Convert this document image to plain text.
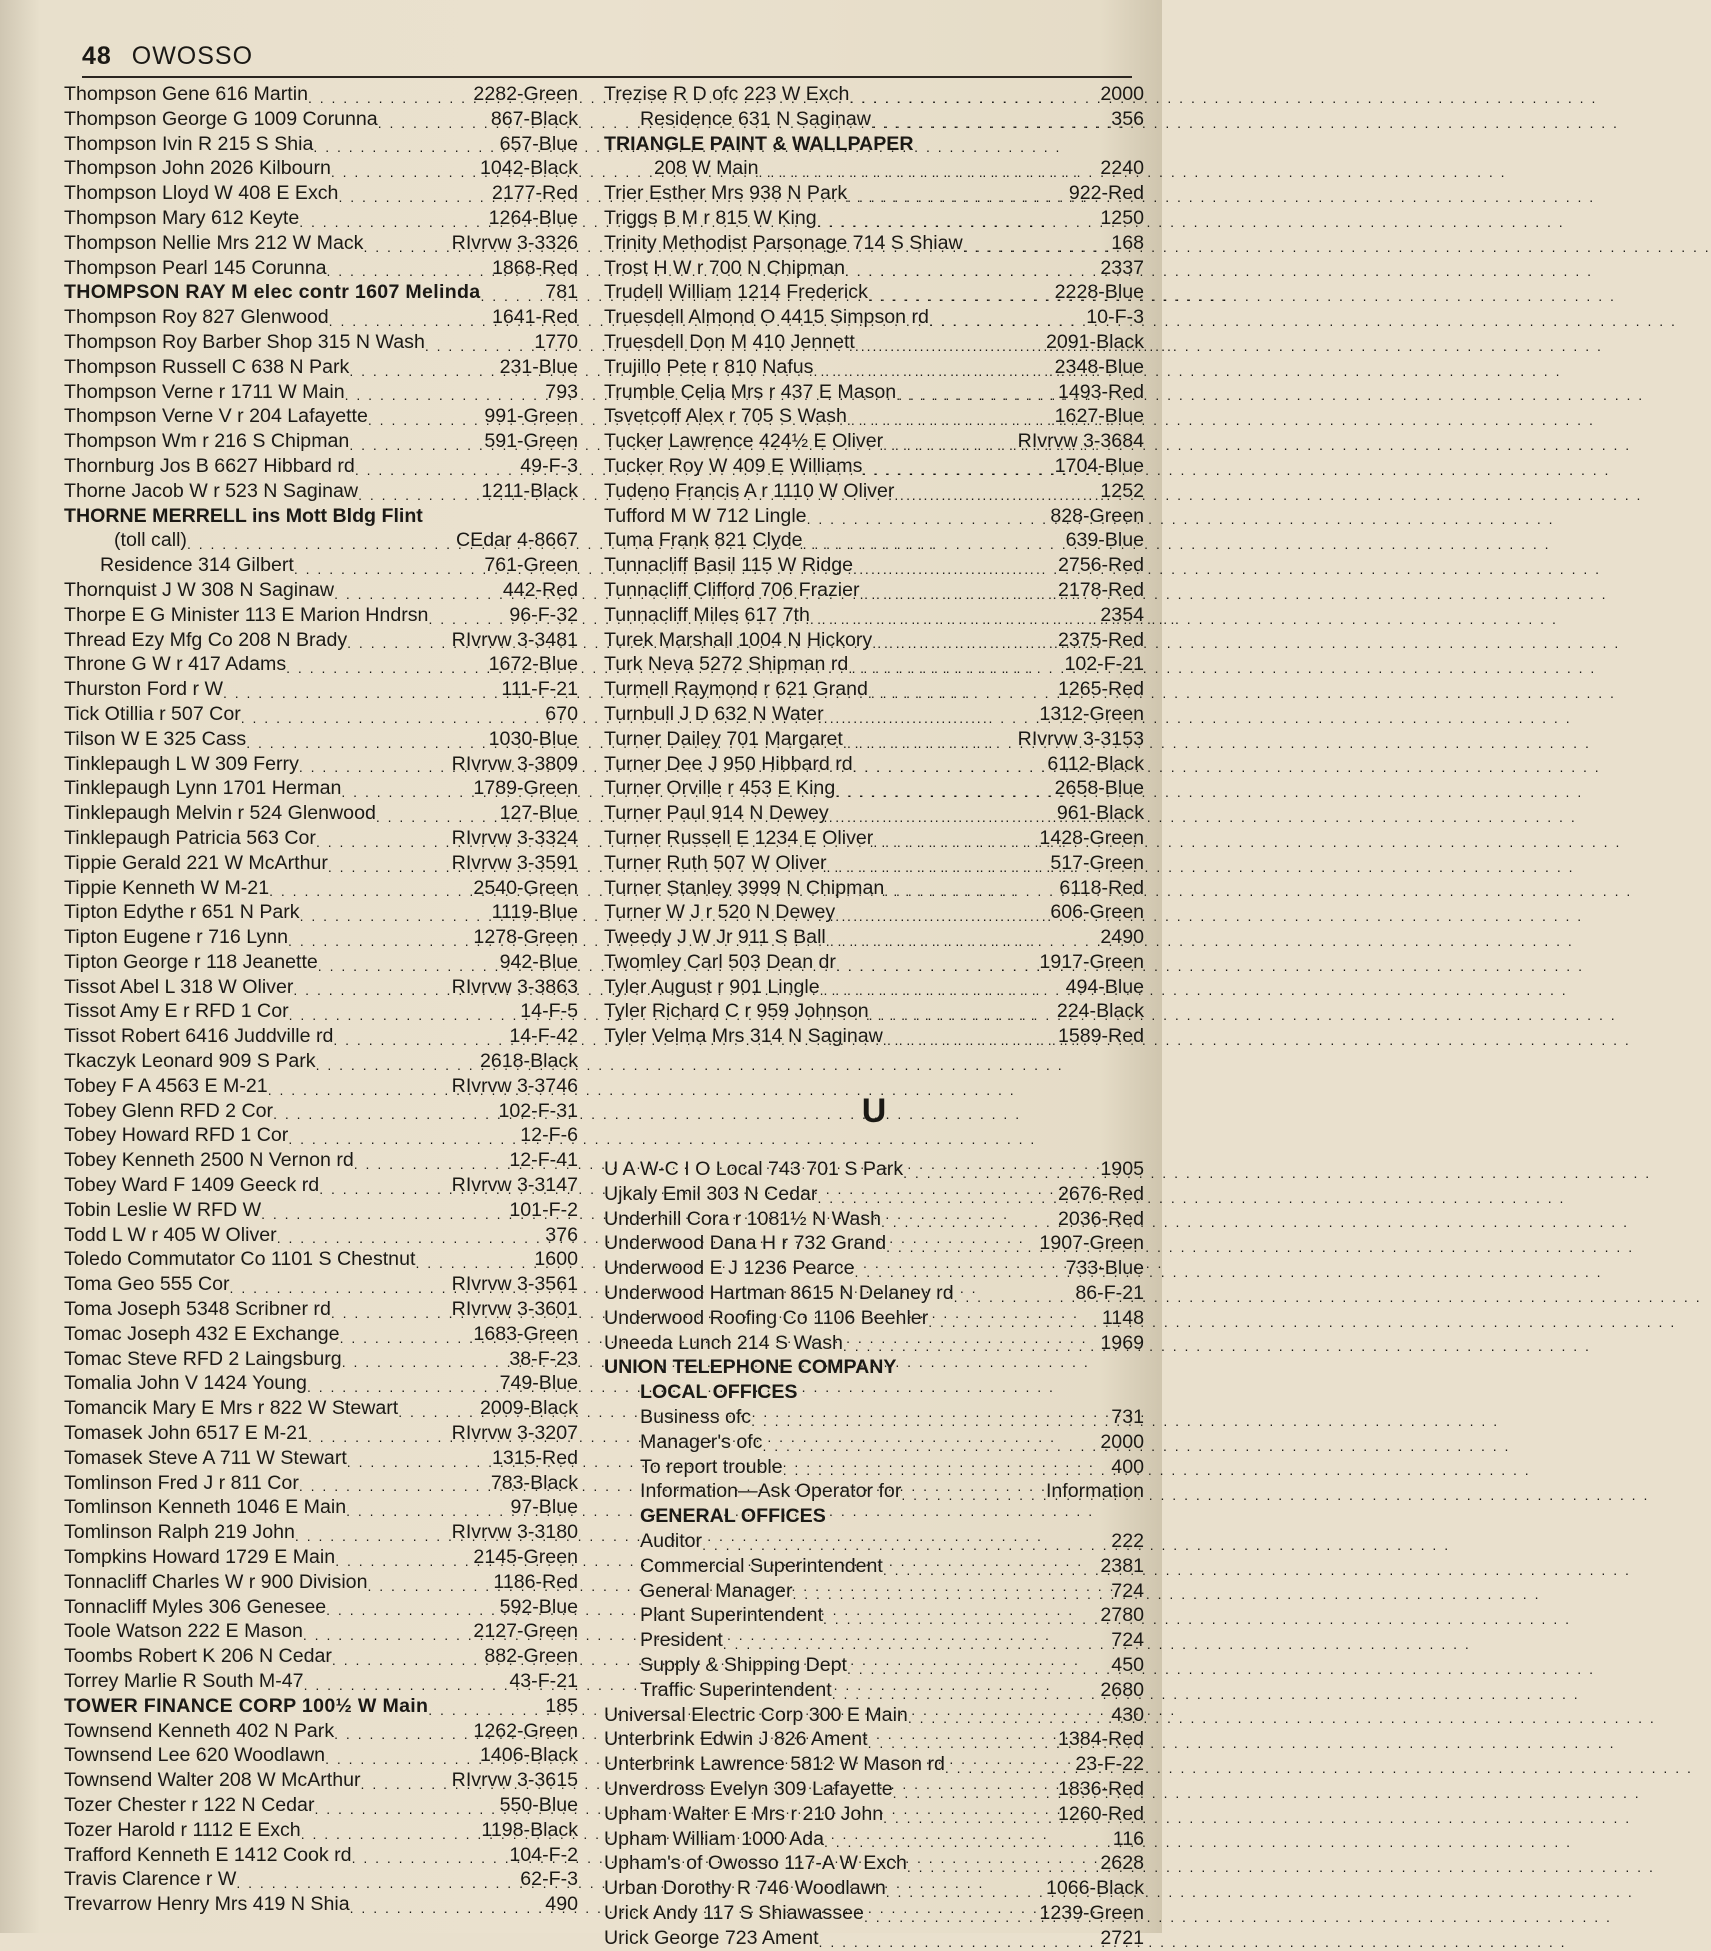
48 OWOSSO
Thompson Gene 616 Martin . . .	2282-Green
Thompson George G 1009 Corunna . . .	867-Black
Thompson Ivin R 215 S Shia . . .	657-Blue
Thompson John 2026 Kilbourn . . .	1042-Black
Thompson Lloyd W 408 E Exch . . .	2177-Red
Thompson Mary 612 Keyte . . .	1264-Blue
Thompson Nellie Mrs 212 W Mack . . .	RIvrvw 3-3326
Thompson Pearl 145 Corunna . . .	1868-Red
THOMPSON RAY M elec contr 1607 Melinda . . .	781
Thompson Roy 827 Glenwood . . .	1641-Red
Thompson Roy Barber Shop 315 N Wash . . .	1770
Thompson Russell C 638 N Park . . .	231-Blue
Thompson Verne r 1711 W Main . . .	793
Thompson Verne V r 204 Lafayette . . .	991-Green
Thompson Wm r 216 S Chipman . . .	591-Green
Thornburg Jos B 6627 Hibbard rd . . .	49-F-3
Thorne Jacob W r 523 N Saginaw . . .	1211-Black
THORNE MERRELL ins Mott Bldg Flint
(toll call) . . .	CEdar 4-8667
Residence 314 Gilbert . . .	761-Green
Thornquist J W 308 N Saginaw . . .	442-Red
Thorpe E G Minister 113 E Marion Hndrsn . . .	96-F-32
Thread Ezy Mfg Co 208 N Brady . . .	RIvrvw 3-3481
Throne G W r 417 Adams . . .	1672-Blue
Thurston Ford r W . . .	111-F-21
Tick Otillia r 507 Cor . . .	670
Tilson W E 325 Cass . . .	1030-Blue
Tinklepaugh L W 309 Ferry . . .	RIvrvw 3-3809
Tinklepaugh Lynn 1701 Herman . . .	1789-Green
Tinklepaugh Melvin r 524 Glenwood . . .	127-Blue
Tinklepaugh Patricia 563 Cor . . .	RIvrvw 3-3324
Tippie Gerald 221 W McArthur . . .	RIvrvw 3-3591
Tippie Kenneth W M-21 . . .	2540-Green
Tipton Edythe r 651 N Park . . .	1119-Blue
Tipton Eugene r 716 Lynn . . .	1278-Green
Tipton George r 118 Jeanette . . .	942-Blue
Tissot Abel L 318 W Oliver . . .	RIvrvw 3-3863
Tissot Amy E r RFD 1 Cor . . .	14-F-5
Tissot Robert 6416 Juddville rd . . .	14-F-42
Tkaczyk Leonard 909 S Park . . .	2618-Black
Tobey F A 4563 E M-21 . . .	RIvrvw 3-3746
Tobey Glenn RFD 2 Cor . . .	102-F-31
Tobey Howard RFD 1 Cor . . .	12-F-6
Tobey Kenneth 2500 N Vernon rd . . .	12-F-41
Tobey Ward F 1409 Geeck rd . . .	RIvrvw 3-3147
Tobin Leslie W RFD W . . .	101-F-2
Todd L W r 405 W Oliver . . .	376
Toledo Commutator Co 1101 S Chestnut . . .	1600
Toma Geo 555 Cor . . .	RIvrvw 3-3561
Toma Joseph 5348 Scribner rd . . .	RIvrvw 3-3601
Tomac Joseph 432 E Exchange . . .	1683-Green
Tomac Steve RFD 2 Laingsburg . . .	38-F-23
Tomalia John V 1424 Young . . .	749-Blue
Tomancik Mary E Mrs r 822 W Stewart . . .	2009-Black
Tomasek John 6517 E M-21 . . .	RIvrvw 3-3207
Tomasek Steve A 711 W Stewart . . .	1315-Red
Tomlinson Fred J r 811 Cor . . .	783-Black
Tomlinson Kenneth 1046 E Main . . .	97-Blue
Tomlinson Ralph 219 John . . .	RIvrvw 3-3180
Tompkins Howard 1729 E Main . . .	2145-Green
Tonnacliff Charles W r 900 Division . . .	1186-Red
Tonnacliff Myles 306 Genesee . . .	592-Blue
Toole Watson 222 E Mason . . .	2127-Green
Toombs Robert K 206 N Cedar . . .	882-Green
Torrey Marlie R South M-47 . . .	43-F-21
TOWER FINANCE CORP 100½ W Main . . .	185
Townsend Kenneth 402 N Park . . .	1262-Green
Townsend Lee 620 Woodlawn . . .	1406-Black
Townsend Walter 208 W McArthur . . .	RIvrvw 3-3615
Tozer Chester r 122 N Cedar . . .	550-Blue
Tozer Harold r 1112 E Exch . . .	1198-Black
Trafford Kenneth E 1412 Cook rd . . .	104-F-2
Travis Clarence r W . . .	62-F-3
Trevarrow Henry Mrs 419 N Shia . . .	490
Trezise R D ofc 223 W Exch . . .	2000
Residence 631 N Saginaw . . .	356
TRIANGLE PAINT & WALLPAPER
208 W Main . . .	2240
Trier Esther Mrs 938 N Park . . .	922-Red
Triggs B M r 815 W King . . .	1250
Trinity Methodist Parsonage 714 S Shiaw . . .	168
Trost H W r 700 N Chipman . . .	2337
Trudell William 1214 Frederick . . .	2228-Blue
Truesdell Almond O 4415 Simpson rd . . .	10-F-3
Truesdell Don M 410 Jennett . . .	2091-Black
Trujillo Pete r 810 Nafus . . .	2348-Blue
Trumble Celia Mrs r 437 E Mason . . .	1493-Red
Tsvetcoff Alex r 705 S Wash . . .	1627-Blue
Tucker Lawrence 424½ E Oliver . . .	RIvrvw 3-3684
Tucker Roy W 409 E Williams . . .	1704-Blue
Tudeno Francis A r 1110 W Oliver . . .	1252
Tufford M W 712 Lingle . . .	828-Green
Tuma Frank 821 Clyde . . .	639-Blue
Tunnacliff Basil 115 W Ridge . . .	2756-Red
Tunnacliff Clifford 706 Frazier . . .	2178-Red
Tunnacliff Miles 617 7th . . .	2354
Turek Marshall 1004 N Hickory . . .	2375-Red
Turk Neva 5272 Shipman rd . . .	102-F-21
Turmell Raymond r 621 Grand . . .	1265-Red
Turnbull J D 632 N Water . . .	1312-Green
Turner Dailey 701 Margaret . . .	RIvrvw 3-3153
Turner Dee J 950 Hibbard rd . . .	6112-Black
Turner Orville r 453 E King . . .	2658-Blue
Turner Paul 914 N Dewey . . .	961-Black
Turner Russell E 1234 E Oliver . . .	1428-Green
Turner Ruth 507 W Oliver . . .	517-Green
Turner Stanley 3999 N Chipman . . .	6118-Red
Turner W J r 520 N Dewey . . .	606-Green
Tweedy J W Jr 911 S Ball . . .	2490
Twomley Carl 503 Dean dr . . .	1917-Green
Tyler August r 901 Lingle . . .	494-Blue
Tyler Richard C r 959 Johnson . . .	224-Black
Tyler Velma Mrs 314 N Saginaw . . .	1589-Red
U
U A W-C I O Local 743 701 S Park . . .	1905
Ujkaly Emil 303 N Cedar . . .	2676-Red
Underhill Cora r 1081½ N Wash . . .	2036-Red
Underwood Dana H r 732 Grand . . .	1907-Green
Underwood E J 1236 Pearce . . .	733-Blue
Underwood Hartman 8615 N Delaney rd . . .	86-F-21
Underwood Roofing Co 1106 Beehler . . .	1148
Uneeda Lunch 214 S Wash . . .	1969
UNION TELEPHONE COMPANY
LOCAL OFFICES
Business ofc . . .	731
Manager's ofc . . .	2000
To report trouble . . .	400
Information—Ask Operator for . . .	Information
GENERAL OFFICES
Auditor . . .	222
Commercial Superintendent . . .	2381
General Manager . . .	724
Plant Superintendent . . .	2780
President . . .	724
Supply & Shipping Dept . . .	450
Traffic Superintendent . . .	2680
Universal Electric Corp 300 E Main . . .	430
Unterbrink Edwin J 826 Ament . . .	1384-Red
Unterbrink Lawrence 5812 W Mason rd . . .	23-F-22
Unverdross Evelyn 309 Lafayette . . .	1836-Red
Upham Walter E Mrs r 210 John . . .	1260-Red
Upham William 1000 Ada . . .	116
Upham's of Owosso 117-A W Exch . . .	2628
Urban Dorothy R 746 Woodlawn . . .	1066-Black
Urick Andy 117 S Shiawassee . . .	1239-Green
Urick George 723 Ament . . .	2721
